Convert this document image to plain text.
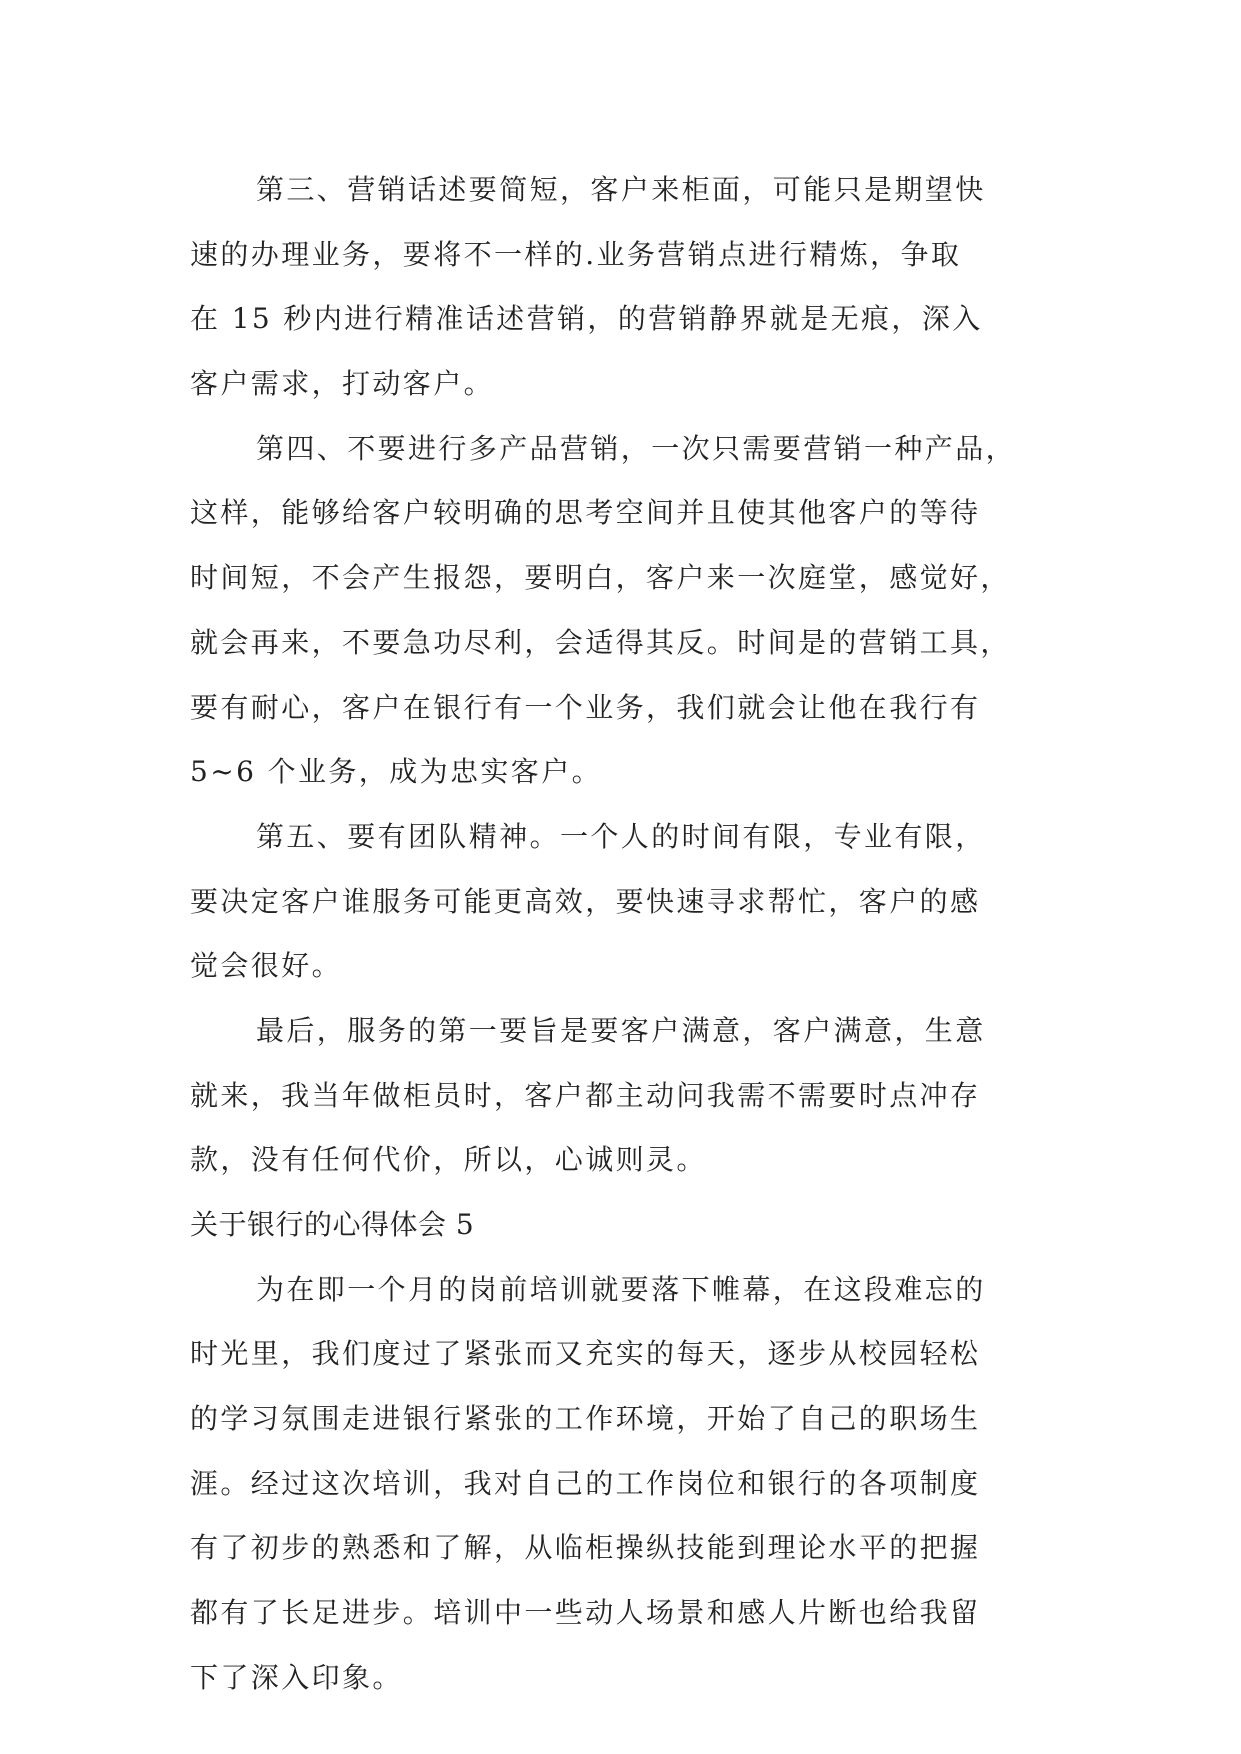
第三、营销话述要简短，客户来柜面，可能只是期望快
速的办理业务，要将不一样的.业务营销点进行精炼，争取
在 15 秒内进行精准话述营销，的营销静界就是无痕，深入
客户需求，打动客户。
第四、不要进行多产品营销，一次只需要营销一种产品，
这样，能够给客户较明确的思考空间并且使其他客户的等待
时间短，不会产生报怨，要明白，客户来一次庭堂，感觉好，
就会再来，不要急功尽利，会适得其反。时间是的营销工具，
要有耐心，客户在银行有一个业务，我们就会让他在我行有
5~6 个业务，成为忠实客户。
第五、要有团队精神。一个人的时间有限，专业有限，
要决定客户谁服务可能更高效，要快速寻求帮忙，客户的感
觉会很好。
最后，服务的第一要旨是要客户满意，客户满意，生意
就来，我当年做柜员时，客户都主动问我需不需要时点冲存
款，没有任何代价，所以，心诚则灵。
关于银行的心得体会 5
为在即一个月的岗前培训就要落下帷幕，在这段难忘的
时光里，我们度过了紧张而又充实的每天，逐步从校园轻松
的学习氛围走进银行紧张的工作环境，开始了自己的职场生
涯。经过这次培训，我对自己的工作岗位和银行的各项制度
有了初步的熟悉和了解，从临柜操纵技能到理论水平的把握
都有了长足进步。培训中一些动人场景和感人片断也给我留
下了深入印象。
